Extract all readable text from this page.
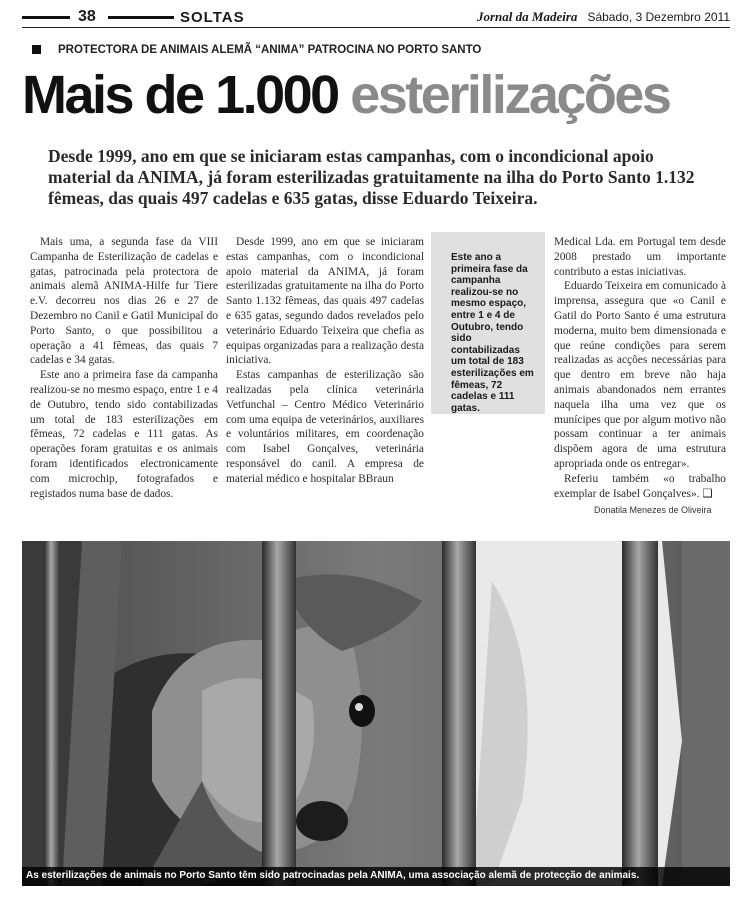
38	SOLTAS	Jornal da Madeira Sábado, 3 Dezembro 2011
PROTECTORA DE ANIMAIS ALEMÃ “ANIMA” PATROCINA NO PORTO SANTO
Mais de 1.000 esterilizações
Desde 1999, ano em que se iniciaram estas campanhas, com o incondicional apoio material da ANIMA, já foram esterilizadas gratuitamente na ilha do Porto Santo 1.132 fêmeas, das quais 497 cadelas e 635 gatas, disse Eduardo Teixeira.

Mais uma, a segunda fase da VIII Campanha de Esterilização de cadelas e gatas, patrocinada pela protectora de animais alemã ANIMA-Hilfe fur Tiere e.V. decorreu nos dias 26 e 27 de Dezembro no Canil e Gatil Municipal do Porto Santo, o que possibilitou a operação a 41 fêmeas, das quais 7 cadelas e 34 gatas.

Este ano a primeira fase da campanha realizou-se no mesmo espaço, entre 1 e 4 de Outubro, tendo sido contabilizadas um total de 183 esterilizações em fêmeas, 72 cadelas e 111 gatas. As operações foram gratuitas e os animais foram identificados electronicamente com microchip, fotografados e registados numa base de dados.

Desde 1999, ano em que se iniciaram estas campanhas, com o incondicional apoio material da ANIMA, já foram esterilizadas gratuitamente na ilha do Porto Santo 1.132 fêmeas, das quais 497 cadelas e 635 gatas, segundo dados revelados pelo veterinário Eduardo Teixeira que chefia as equipas organizadas para a realização desta iniciativa.

Estas campanhas de esterilização são realizadas pela clínica veterinária Vetfunchal – Centro Médico Veterinário com uma equipa de veterinários, auxiliares e voluntários militares, em coordenação com Isabel Gonçalves, veterinária responsável do canil. A empresa de material médico e hospitalar BBraun

Este ano a primeira fase da campanha realizou-se no mesmo espaço, entre 1 e 4 de Outubro, tendo sido contabilizadas um total de 183 esterilizações em fêmeas, 72 cadelas e 111 gatas.

Medical Lda. em Portugal tem desde 2008 prestado um importante contributo a estas iniciativas.

Eduardo Teixeira em comunicado à imprensa, assegura que «o Canil e Gatil do Porto Santo é uma estrutura moderna, muito bem dimensionada e que reúne condições para serem realizadas as acções necessárias para que dentro em breve não haja animais abandonados nem errantes naquela ilha uma vez que os munícipes que por algum motivo não possam continuar a ter animais dispõem agora de uma estrutura apropriada onde os entregar».

Referiu também «o trabalho exemplar de Isabel Gonçalves». ❑

Donatila Menezes de Oliveira
As esterilizações de animais no Porto Santo têm sido patrocinadas pela ANIMA, uma associação alemã de protecção de animais.
